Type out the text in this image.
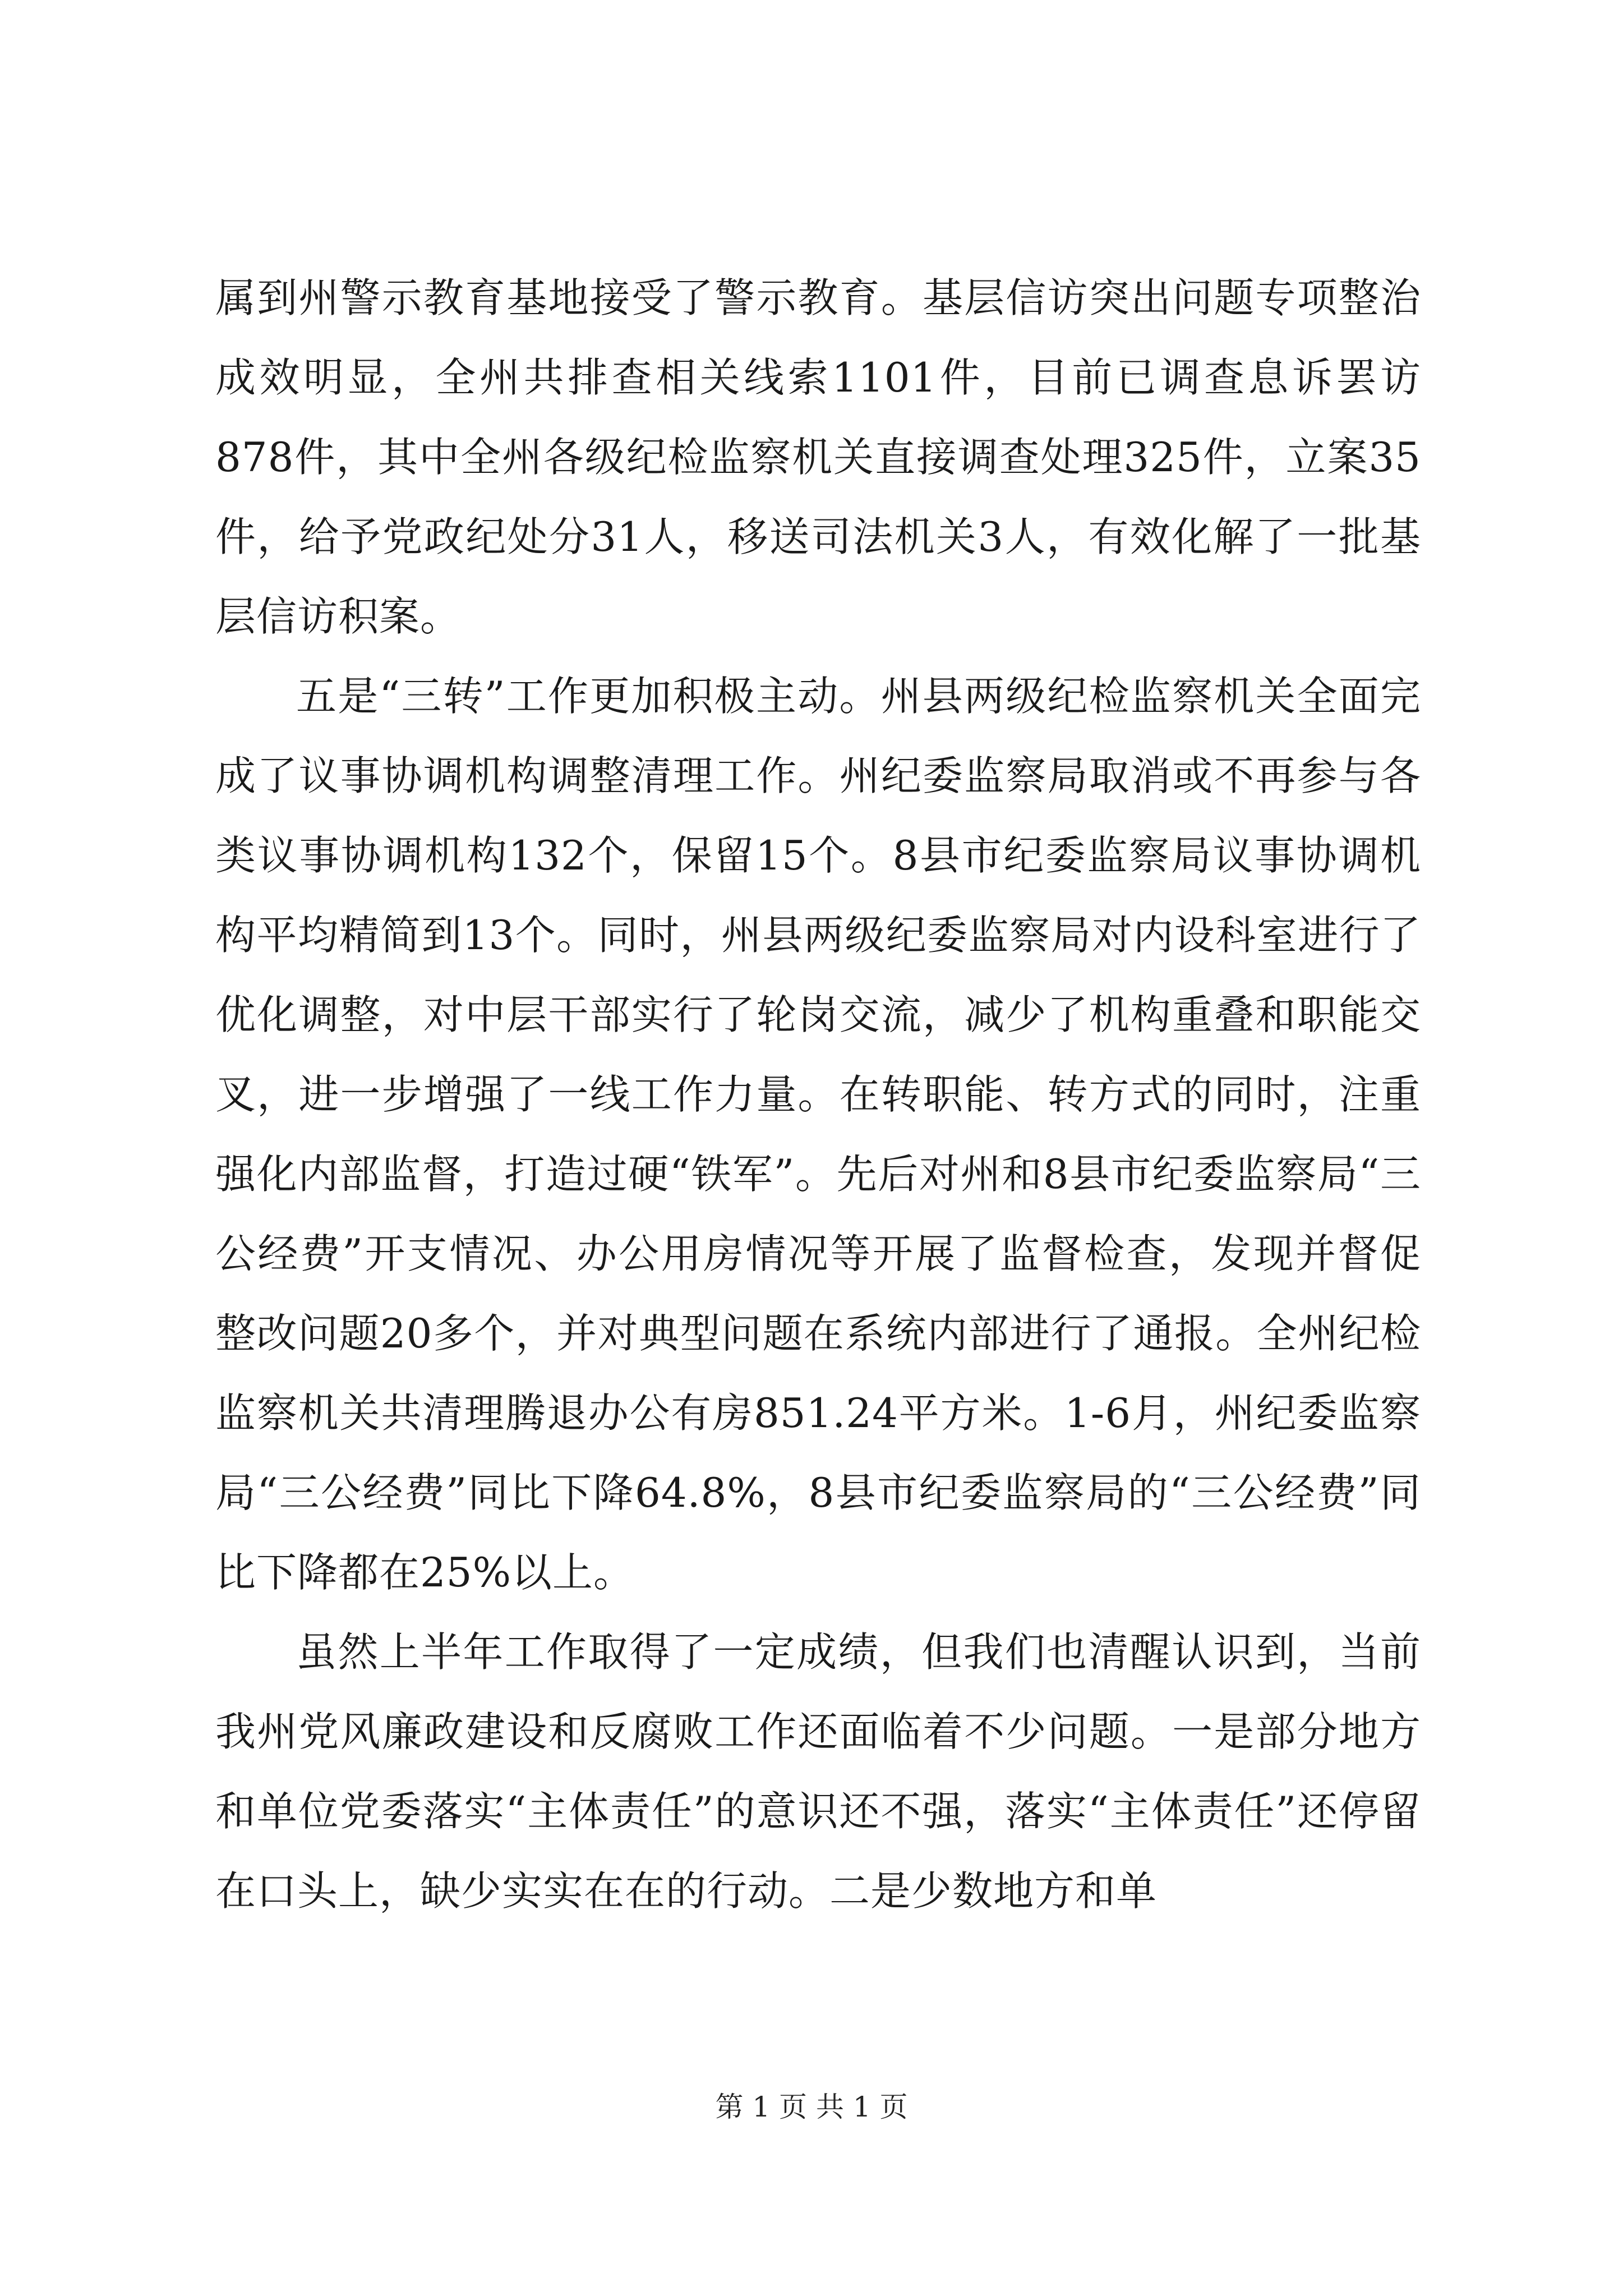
属到州警示教育基地接受了警示教育。基层信访突出问题专项整治成效明显，全州共排查相关线索1101件，目前已调查息诉罢访878件，其中全州各级纪检监察机关直接调查处理325件，立案35件，给予党政纪处分31人，移送司法机关3人，有效化解了一批基层信访积案。

五是“三转”工作更加积极主动。州县两级纪检监察机关全面完成了议事协调机构调整清理工作。州纪委监察局取消或不再参与各类议事协调机构132个，保留15个。8县市纪委监察局议事协调机构平均精简到13个。同时，州县两级纪委监察局对内设科室进行了优化调整，对中层干部实行了轮岗交流，减少了机构重叠和职能交叉，进一步增强了一线工作力量。在转职能、转方式的同时，注重强化内部监督，打造过硬“铁军”。先后对州和8县市纪委监察局“三公经费”开支情况、办公用房情况等开展了监督检查，发现并督促整改问题20多个，并对典型问题在系统内部进行了通报。全州纪检监察机关共清理腾退办公有房851.24平方米。1-6月，州纪委监察局“三公经费”同比下降64.8%，8县市纪委监察局的“三公经费”同比下降都在25%以上。

虽然上半年工作取得了一定成绩，但我们也清醒认识到，当前我州党风廉政建设和反腐败工作还面临着不少问题。一是部分地方和单位党委落实“主体责任”的意识还不强，落实“主体责任”还停留在口头上，缺少实实在在的行动。二是少数地方和单

第 1 页 共 1 页
